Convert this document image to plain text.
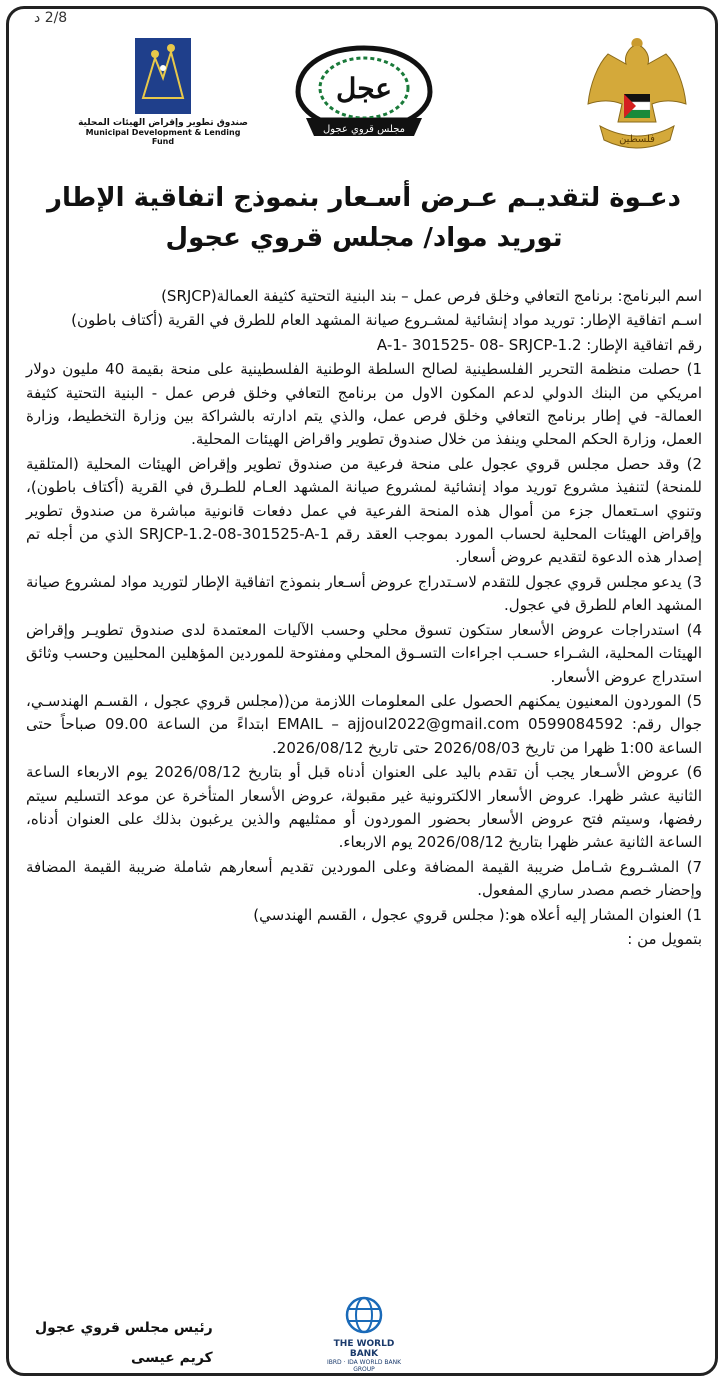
2/8 د
فلسطين
عجل
مجلس قروي عجول
صندوق تطوير وإقراض الهيئات المحلية
Municipal Development & Lending Fund
دعـوة لتقديـم عـرض أسـعار بنموذج اتفاقية الإطار
توريد مواد/ مجلس قروي عجول

اسم البرنامج: برنامج التعافي وخلق فرص عمل – بند البنية التحتية كثيفة العمالة(SRJCP)

اسـم اتفاقية الإطار: توريد مواد إنشائية لمشـروع صيانة المشهد العام للطرق في القرية (أكتاف باطون)

رقم اتفاقية الإطار: A-1- 301525- 08- SRJCP-1.2

1) حصلت منظمة التحرير الفلسطينية لصالح السلطة الوطنية الفلسطينية على منحة بقيمة 40 مليون دولار امريكي من البنك الدولي لدعم المكون الاول من برنامج التعافي وخلق فرص عمل - البنية التحتية كثيفة العمالة- في إطار برنامج التعافي وخلق فرص عمل، والذي يتم ادارته بالشراكة بين وزارة التخطيط، وزارة العمل، وزارة الحكم المحلي وينفذ من خلال صندوق تطوير واقراض الهيئات المحلية.

2) وقد حصل مجلس قروي عجول على منحة فرعية من صندوق تطوير وإقراض الهيئات المحلية (المتلقية للمنحة) لتنفيذ مشروع توريد مواد إنشائية لمشروع صيانة المشهد العـام للطـرق في القرية (أكتاف باطون)، وتنوي اسـتعمال جزء من أموال هذه المنحة الفرعية في عمل دفعات قانونية مباشرة من صندوق تطوير وإقراض الهيئات المحلية لحساب المورد بموجب العقد رقم SRJCP-1.2-08-301525-A-1 الذي من أجله تم إصدار هذه الدعوة لتقديم عروض أسعار.

3) يدعو مجلس قروي عجول للتقدم لاسـتدراج عروض أسـعار بنموذج اتفاقية الإطار لتوريد مواد لمشروع صيانة المشهد العام للطرق في عجول.

4) استدراجات عروض الأسعار ستكون تسوق محلي وحسب الآليات المعتمدة لدى صندوق تطويـر وإقراض الهيئات المحلية، الشـراء حسـب اجراءات التسـوق المحلي ومفتوحة للموردين المؤهلين المحليين وحسب وثائق استدراج عروض الأسعار.

5) الموردون المعنيون يمكنهم الحصول على المعلومات اللازمة من((مجلس قروي عجول ، القسـم الهندسـي، جوال رقم: 0599084592 EMAIL – ajjoul2022@gmail.com ابتداءً من الساعة 09.00 صباحاً حتى الساعة 1:00 ظهرا من تاريخ 2026/08/03 حتى تاريخ 2026/08/12.

6) عروض الأسـعار يجب أن تقدم باليد على العنوان أدناه قبل أو بتاريخ 2026/08/12 يوم الاربعاء الساعة الثانية عشر ظهرا. عروض الأسعار الالكترونية غير مقبولة، عروض الأسعار المتأخرة عن موعد التسليم سيتم رفضها، وسيتم فتح عروض الأسعار بحضور الموردون أو ممثليهم والذين يرغبون بذلك على العنوان أدناه، الساعة الثانية عشر ظهرا بتاريخ 2026/08/12 يوم الاربعاء.

7) المشـروع شـامل ضريبة القيمة المضافة وعلى الموردين تقديم أسعارهم شاملة ضريبة القيمة المضافة وإحضار خصم مصدر ساري المفعول.

1) العنوان المشار إليه أعلاه هو:( مجلس قروي عجول ، القسم الهندسي)

بتمويل من :

THE WORLD BANK
IBRD · IDA WORLD BANK GROUP
رئيس مجلس قروي عجول
كريم عيسى
